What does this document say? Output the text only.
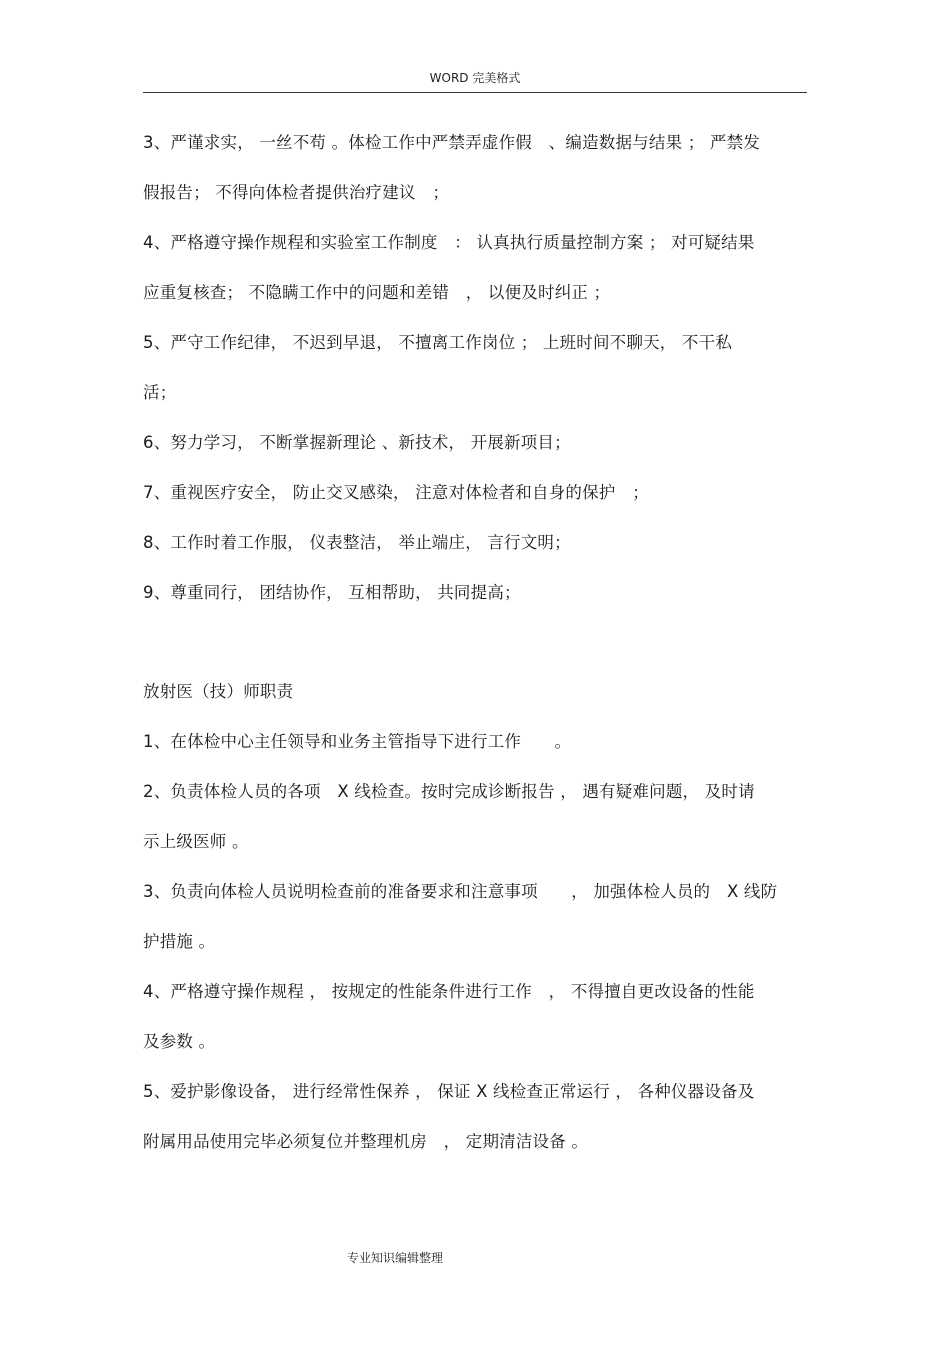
WORD 完美格式
3、严谨求实， 一丝不苟 。体检工作中严禁弄虚作假　、编造数据与结果 ； 严禁发
假报告； 不得向体检者提供治疗建议　；
4、严格遵守操作规程和实验室工作制度　： 认真执行质量控制方案 ； 对可疑结果
应重复核查； 不隐瞒工作中的问题和差错　， 以便及时纠正 ；
5、严守工作纪律， 不迟到早退， 不擅离工作岗位 ； 上班时间不聊天， 不干私
活；
6、努力学习， 不断掌握新理论 、新技术， 开展新项目；
7、重视医疗安全， 防止交叉感染， 注意对体检者和自身的保护　；
8、工作时着工作服， 仪表整洁， 举止端庄， 言行文明；
9、尊重同行， 团结协作， 互相帮助， 共同提高；
放射医（技）师职责
1、在体检中心主任领导和业务主管指导下进行工作　　。
2、负责体检人员的各项　X 线检查。按时完成诊断报告 ， 遇有疑难问题， 及时请
示上级医师 。
3、负责向体检人员说明检查前的准备要求和注意事项　　， 加强体检人员的　X 线防
护措施 。
4、严格遵守操作规程 ， 按规定的性能条件进行工作　， 不得擅自更改设备的性能
及参数 。
5、爱护影像设备， 进行经常性保养 ， 保证 X 线检查正常运行 ， 各种仪器设备及
附属用品使用完毕必须复位并整理机房　， 定期清洁设备 。
专业知识编辑整理
